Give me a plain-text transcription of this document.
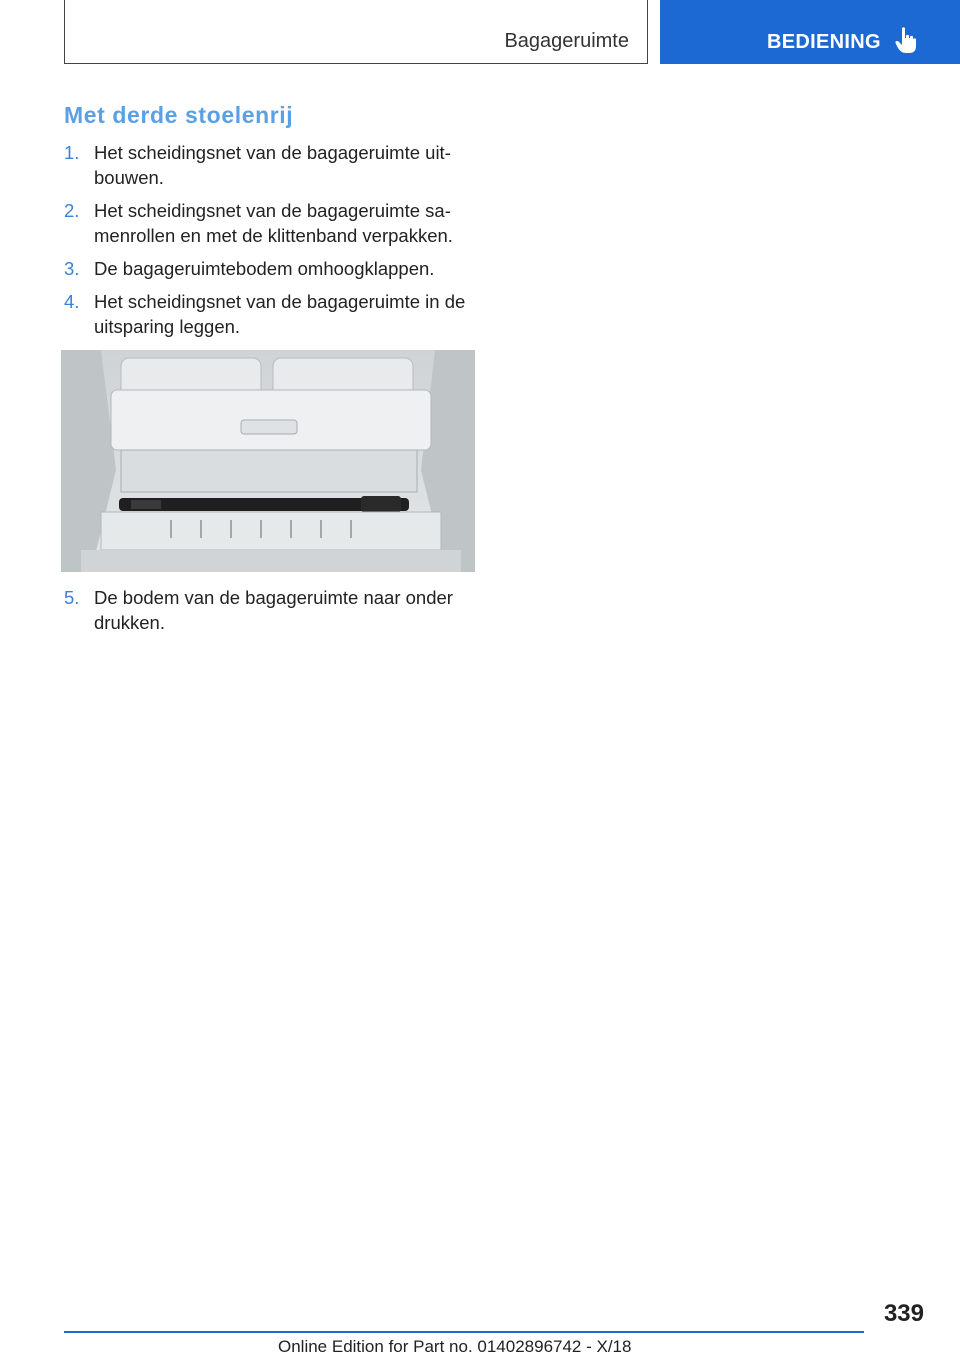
Bagageruimte	BEDIENING
Met derde stoelenrij
1. Het scheidingsnet van de bagageruimte uit-bouwen.
2. Het scheidingsnet van de bagageruimte sa-menrollen en met de klittenband verpakken.
3. De bagageruimtebodem omhoogklappen.
4. Het scheidingsnet van de bagageruimte in de uitsparing leggen.
5. De bodem van de bagageruimte naar onder drukken.
339
Online Edition for Part no. 01402896742 - X/18
